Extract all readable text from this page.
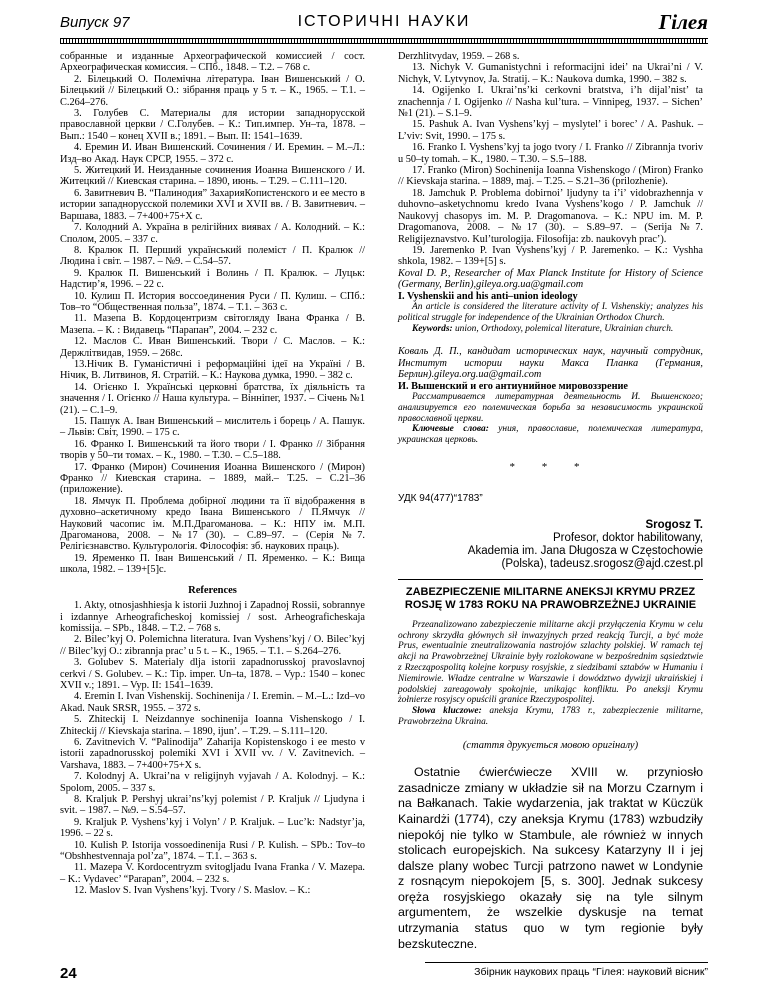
Випуск 97	ІСТОРИЧНІ НАУКИ	Гілея

собранные и изданные Археографической комиссией / сост. Археографическая комиссия. – СПб., 1848. – Т.2. – 768 с.

2. Білецький О. Полемічна література. Іван Вишенський / О. Білецький // Білецький О.: зібрання праць у 5 т. – К., 1965. – Т.1. – С.264–276.

3. Голубев С. Материалы для истории западнорусской православной церкви / С.Голубев. – К.: Тип.импер. Ун–та, 1878. – Вып.: 1540 – конец XVII в.; 1891. – Вып. II: 1541–1639.

4. Еремин И. Иван Вишенский. Сочинения / И. Еремин. – М.–Л.: Изд–во Акад. Наук СРСР, 1955. – 372 с.

5. Житецкий И. Неизданные сочинения Иоанна Вишенского / И. Житецкий // Киевская старина. – 1890, июнь. – Т.29. – С.111–120.

6. Завитневич В. “Палинодия” ЗахарияКопистенского и ее место в истории западнорусской полемики XVI и XVII вв. / В. Завитневич. – Варшава, 1883. – 7+400+75+X с.

7. Колодний А. Україна в релігійних виявах / А. Колодний. – К.: Сполом, 2005. – 337 с.

8. Кралюк П. Перший український полеміст / П. Кралюк // Людина і світ. – 1987. – №9. – С.54–57.

9. Кралюк П. Вишенський і Волинь / П. Кралюк. – Луцьк: Надстир’я, 1996. – 22 с.

10. Кулиш П. История воссоединения Руси / П. Кулиш. – СПб.: Тов–то “Общественная польза”, 1874. – Т.1. – 363 с.

11. Мазепа В. Кордоцентризм світогляду Івана Франка / В. Мазепа. – К. : Видавець “Парапан”, 2004. – 232 с.

12. Маслов С. Иван Вишенський. Твори / С. Маслов. – К.: Держлітвидав, 1959. – 268с.

13.Нічик В. Гуманістичні і реформаційні ідеї на Україні / В. Нічик, В. Литвинов, Я. Стратій. – К.: Наукова думка, 1990. – 382 с.

14. Огієнко І. Українські церковні братства, їх діяльність та значення / І. Огієнко // Наша культура. – Вінніпег, 1937. – Січень №1 (21). – С.1–9.

15. Пашук А. Іван Вишенський – мислитель і борець / А. Пашук. – Львів: Світ, 1990. – 175 с.

16. Франко І. Вишенський та його твори / І. Франко // Зібрання творів у 50–ти томах. – К., 1980. – Т.30. – С.5–188.

17. Франко (Мирон) Сочинения Иоанна Вишенского / (Мирон) Франко // Киевская старина. – 1889, май.– Т.25. – С.21–36 (приложение).

18. Ямчук П. Проблема добірної людини та її відображення в духовно–аскетичному кредо Івана Вишенського / П.Ямчук // Науковий часопис ім. М.П.Драгоманова. – К.: НПУ ім. М.П. Драгоманова, 2008. – №17 (30). – С.89–97. – (Серія №7. Релігієзнавство. Культурологія. Філософія: зб. наукових праць).

19. Яременко П. Іван Вишенський / П. Яременко. – К.: Вища школа, 1982. – 139+[5]с.

References

1. Akty, otnosjashhiesja k istorii Juzhnoj i Zapadnoj Rossii, sobrannye i izdannye Arheograficheskoj komissiej / sost. Arheograficheskaja komissija. – SPb., 1848. – T.2. – 768 s.

2. Bilec’kyj O. Polemichna literatura. Ivan Vyshens’kyj / O. Bilec’kyj // Bilec’kyj O.: zibrannja prac’ u 5 t. – K., 1965. – T.1. – S.264–276.

3. Golubev S. Materialy dlja istorii zapadnorusskoj pravoslavnoj cerkvi / S. Golubev. – K.: Tip. imper. Un–ta, 1878. – Vyp.: 1540 – konec XVII v.; 1891. – Vyp. II: 1541–1639.

4. Eremin I. Ivan Vishenskij. Sochinenija / I. Eremin. – M.–L.: Izd–vo Akad. Nauk SRSR, 1955. – 372 s.

5. Zhiteckij I. Neizdannye sochinenija Ioanna Vishenskogo / I. Zhiteckij // Kievskaja starina. – 1890, ijun’. – T.29. – S.111–120.

6. Zavitnevich V. “Palinodija” Zaharija Kopistenskogo i ee mesto v istorii zapadnorusskoj polemiki XVI i XVII vv. / V. Zavitnevich. – Varshava, 1883. – 7+400+75+X s.

7. Kolodnyj A. Ukrai’na v religijnyh vyjavah / A. Kolodnyj. – K.: Spolom, 2005. – 337 s.

8. Kraljuk P. Pershyj ukrai’ns’kyj polemist / P. Kraljuk // Ljudyna i svit. – 1987. – №9. – S.54–57.

9. Kraljuk P. Vyshens’kyj i Volyn’ / P. Kraljuk. – Luc’k: Nadstyr’ja, 1996. – 22 s.

10. Kulish P. Istorija vossoedinenija Rusi / P. Kulish. – SPb.: Tov–to “Obshhestvennaja pol’za”, 1874. – T.1. – 363 s.

11. Mazepa V. Kordocentryzm svitogljadu Ivana Franka / V. Mazepa. – K.: Vydavec’ “Parapan”, 2004. – 232 s.

12. Maslov S. Ivan Vyshens’kyj. Tvory / S. Maslov. – K.:

Derzhlitvydav, 1959. – 268 s.

13. Nichyk V. Gumanistychni i reformacijni idei’ na Ukrai’ni / V. Nichyk, V. Lytvynov, Ja. Stratij. – K.: Naukova dumka, 1990. – 382 s.

14. Ogijenko I. Ukrai’ns’ki cerkovni bratstva, i’h dijal’nist’ ta znachennja / I. Ogijenko // Nasha kul’tura. – Vinnipeg, 1937. – Sichen’ №1 (21). – S.1–9.

15. Pashuk A. Ivan Vyshens’kyj – myslytel’ i borec’ / A. Pashuk. – L’viv: Svit, 1990. – 175 s.

16. Franko I. Vyshens’kyj ta jogo tvory / I. Franko // Zibrannja tvoriv u 50–ty tomah. – K., 1980. – T.30. – S.5–188.

17. Franko (Miron) Sochinenija Ioanna Vishenskogo / (Miron) Franko // Kievskaja starina. – 1889, maj. – T.25. – S.21–36 (prilozhenie).

18. Jamchuk P. Problema dobirnoi’ ljudyny ta i’i’ vidobrazhennja v duhovno–asketychnomu kredo Ivana Vyshens’kogo / P. Jamchuk // Naukovyj chasopys im. M. P. Dragomanova. – K.: NPU im. M. P. Dragomanova, 2008. – №17 (30). – S.89–97. – (Serija №7. Religijeznavstvo. Kul’turologija. Filosofija: zb. naukovyh prac’).

19. Jaremenko P. Ivan Vyshens’kyj / P. Jaremenko. – K.: Vyshha shkola, 1982. – 139+[5] s.

Koval D. P., Researcher of Max Planck Institute for History of Science (Germany, Berlin),gileya.org.ua@gmail.com

I. Vyshenskii and his anti–union ideology

An article is considered the literature activity of I. Vishenskiy; analyzes his political struggle for independence of the Ukrainian Orthodox Church.

Keywords: union, Orthodoxy, polemical literature, Ukrainian church.

Коваль Д. П., кандидат исторических наук, научный сотрудник, Институт истории науки Макса Планка (Германия, Берлин).gileya.org.ua@gmail.com

И. Вышенский и его антиунийное мировоззрение

Рассматривается литературная деятельность И. Вышенского; анализируется его полемическая борьба за независимость украинской православной церкви.

Ключевые слова: уния, православие, полемическая литература, украинская церковь.

* * *
УДК 94(477)“1783”
Srogosz T.
Profesor, doktor habilitowany,
Akademia im. Jana Długosza w Częstochowie
(Polska), tadeusz.srogosz@ajd.czest.pl
ZABEZPIECZENIE MILITARNE ANEKSJI KRYMU PRZEZ ROSJĘ W 1783 ROKU NA PRAWOBRZEŻNEJ UKRAINIE

Przeanalizowano zabezpieczenie militarne akcji przyłączenia Krymu w celu ochrony skrzydła głównych sił inwazyjnych przed reakcją Turcji, a być może Prus, ewentualnie zneutralizowania nastrojów szlachty polskiej. W ramach tej akcji na Prawobrzeżnej Ukrainie były rozlokowane w bezpośrednim sąsiedztwie z Rzecząpospolitą kolejne korpusy rosyjskie, z siedzibami sztabów w Humaniu i Niemirowie. Władze centralne w Warszawie i dowództwo dywizji ukraińskiej i podolskiej zareagowały spokojnie, unikając konfliktu. Po aneksji Krymu żołnierze rosyjscy opuścili granice Rzeczypospolitej.

Słowa kluczowe: aneksja Krymu, 1783 r., zabezpieczenie militarne, Prawobrzeżna Ukraina.

(стаття друкується мовою оригіналу)

Ostatnie ćwierćwiecze XVIII w. przyniosło zasadnicze zmiany w układzie sił na Morzu Czarnym i na Bałkanach. Takie wydarzenia, jak traktat w Küczük Kainardżi (1774), czy aneksja Krymu (1783) wzbudziły niepokój nie tylko w Stambule, ale również w innych stolicach europejskich. Na sukcesy Katarzyny II i jej dalsze plany wobec Turcji patrzono nawet w Londynie z rosnącym niepokojem [5, s. 300]. Jednak sukcesy oręża rosyjskiego okazały się na tyle silnym argumentem, że wszelkie dyskusje na temat utrzymania status quo w tym regionie były bezskuteczne.

24	Збірник наукових праць “Гілея: науковий вісник”
